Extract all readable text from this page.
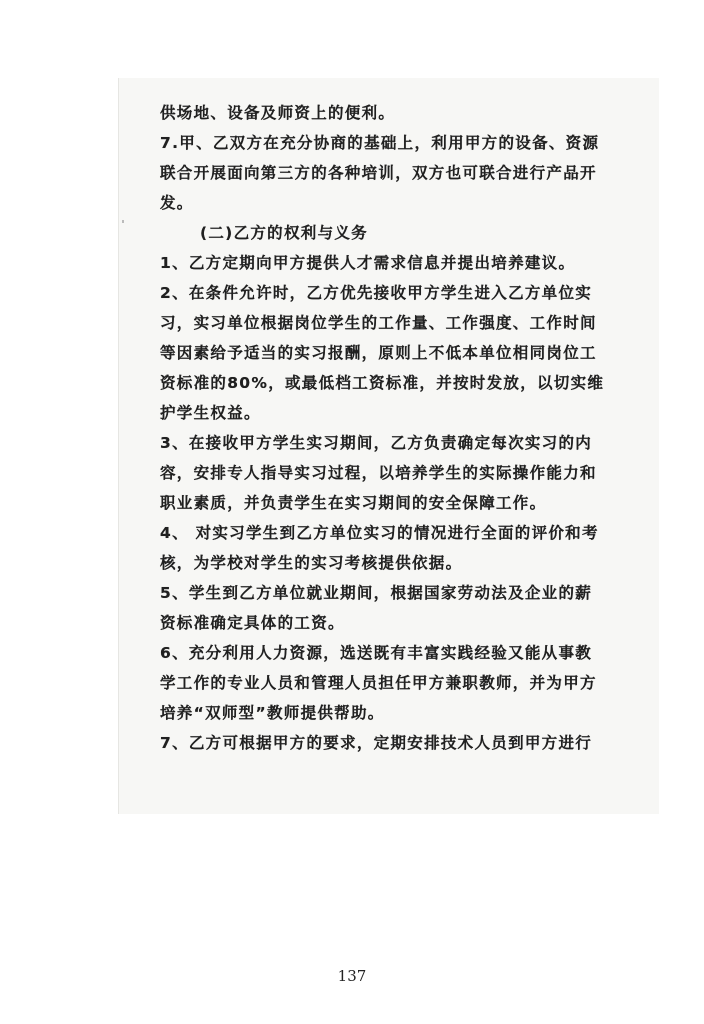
供场地、设备及师资上的便利。
7.甲、乙双方在充分协商的基础上，利用甲方的设备、资源
联合开展面向第三方的各种培训，双方也可联合进行产品开
发。
(二)乙方的权利与义务
1、乙方定期向甲方提供人才需求信息并提出培养建议。
2、在条件允许时，乙方优先接收甲方学生进入乙方单位实
习，实习单位根据岗位学生的工作量、工作强度、工作时间
等因素给予适当的实习报酬，原则上不低本单位相同岗位工
资标准的80%，或最低档工资标准，并按时发放，以切实维
护学生权益。
3、在接收甲方学生实习期间，乙方负责确定每次实习的内
容，安排专人指导实习过程，以培养学生的实际操作能力和
职业素质，并负责学生在实习期间的安全保障工作。
4、 对实习学生到乙方单位实习的情况进行全面的评价和考
核，为学校对学生的实习考核提供依据。
5、学生到乙方单位就业期间，根据国家劳动法及企业的薪
资标准确定具体的工资。
6、充分利用人力资源，选送既有丰富实践经验又能从事教
学工作的专业人员和管理人员担任甲方兼职教师，并为甲方
培养“双师型”教师提供帮助。
7、乙方可根据甲方的要求，定期安排技术人员到甲方进行
137
